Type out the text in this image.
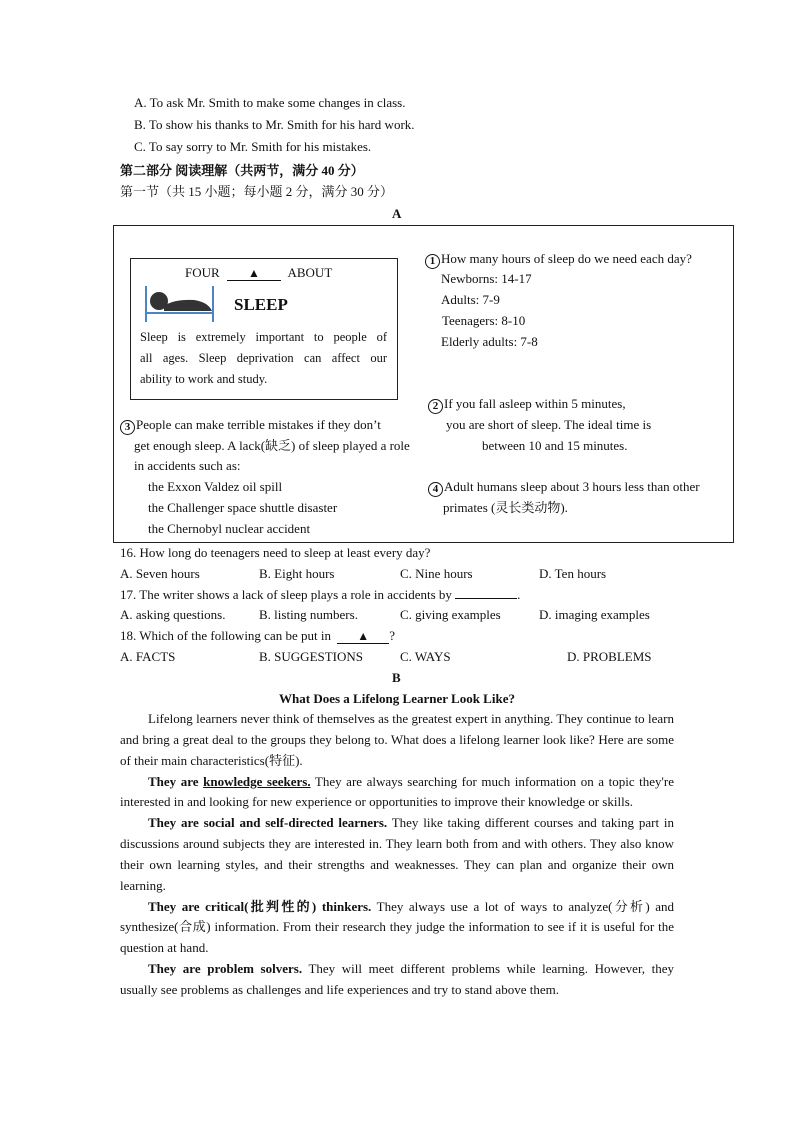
A. To ask Mr. Smith to make some changes in class.
B. To show his thanks to Mr. Smith for his hard work.
C. To say sorry to Mr. Smith for his mistakes.
第二部分 阅读理解（共两节，满分 40 分）
第一节（共 15 小题；每小题 2 分，满分 30 分）
A
FOUR ▲ ABOUT
SLEEP
Sleep is extremely important to people of
all ages. Sleep deprivation can affect our
ability to work and study.
1 How many hours of sleep do we need each day?
Newborns: 14-17
Adults: 7-9
Teenagers: 8-10
Elderly adults: 7-8
2 If you fall asleep within 5 minutes,
you are short of sleep. The ideal time is
between 10 and 15 minutes.
3 People can make terrible mistakes if they don’t
get enough sleep. A lack(缺乏) of sleep played a role
in accidents such as:
the Exxon Valdez oil spill
the Challenger space shuttle disaster
the Chernobyl nuclear accident
4 Adult humans sleep about 3 hours less than other
primates (灵长类动物).
16. How long do teenagers need to sleep at least every day?
A. Seven hours	B. Eight hours	C. Nine hours	D. Ten hours
17. The writer shows a lack of sleep plays a role in accidents by	.
A. asking questions.	B. listing numbers.	C. giving examples	D. imaging examples
18. Which of the following can be put in ▲ ?
A. FACTS	B. SUGGESTIONS	C. WAYS	D. PROBLEMS
B
What Does a Lifelong Learner Look Like?

Lifelong learners never think of themselves as the greatest expert in anything. They continue to learn and bring a great deal to the groups they belong to. What does a lifelong learner look like? Here are some of their main characteristics(特征).

They are knowledge seekers. They are always searching for much information on a topic they're interested in and looking for new experience or opportunities to improve their knowledge or skills.

They are social and self-directed learners. They like taking different courses and taking part in discussions around subjects they are interested in. They learn both from and with others. They also know their own learning styles, and their strengths and weaknesses. They can plan and organize their own learning.

They are critical(批判性的) thinkers. They always use a lot of ways to analyze(分析) and synthesize(合成) information. From their research they judge the information to see if it is useful for the question at hand.

They are problem solvers. They will meet different problems while learning. However, they usually see problems as challenges and life experiences and try to stand above them.
